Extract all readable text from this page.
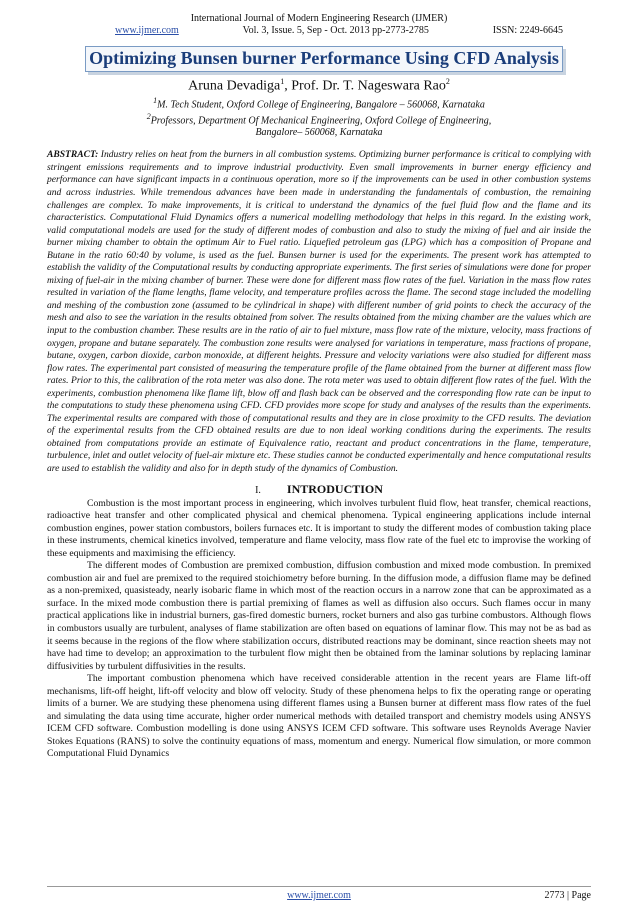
International Journal of Modern Engineering Research (IJMER)
www.ijmer.com	Vol. 3, Issue. 5, Sep - Oct. 2013 pp-2773-2785	ISSN: 2249-6645
Optimizing Bunsen burner Performance Using CFD Analysis
Aruna Devadiga$^1$, Prof. Dr. T. Nageswara Rao$^2$
$^1$M. Tech Student, Oxford College of Engineering, Bangalore – 560068, Karnataka
$^2$Professors, Department Of Mechanical Engineering, Oxford College of Engineering,
Bangalore– 560068, Karnataka
ABSTRACT: Industry relies on heat from the burners in all combustion systems. Optimizing burner performance is critical to complying with stringent emissions requirements and to improve industrial productivity. Even small improvements in burner energy efficiency and performance can have significant impacts in a continuous operation, more so if the improvements can be used in other combustion systems and across industries. While tremendous advances have been made in understanding the fundamentals of combustion, the remaining challenges are complex. To make improvements, it is critical to understand the dynamics of the fuel fluid flow and the flame and its characteristics. Computational Fluid Dynamics offers a numerical modelling methodology that helps in this regard. In the existing work, valid computational models are used for the study of different modes of combustion and also to study the mixing of fuel and air inside the burner mixing chamber to obtain the optimum Air to Fuel ratio. Liquefied petroleum gas (LPG) which has a composition of Propane and Butane in the ratio 60:40 by volume, is used as the fuel. Bunsen burner is used for the experiments. The present work has attempted to establish the validity of the Computational results by conducting appropriate experiments. The first series of simulations were done for proper mixing of fuel-air in the mixing chamber of burner. These were done for different mass flow rates of the fuel. Variation in the mass flow rates resulted in variation of the flame lengths, flame velocity, and temperature profiles across the flame. The second stage included the modelling and meshing of the combustion zone (assumed to be cylindrical in shape) with different number of grid points to check the accuracy of the mesh and also to see the variation in the results obtained from solver. The results obtained from the mixing chamber are the values which are input to the combustion chamber. These results are in the ratio of air to fuel mixture, mass flow rate of the mixture, velocity, mass fractions of oxygen, propane and butane separately. The combustion zone results were analysed for variations in temperature, mass fractions of propane, butane, oxygen, carbon dioxide, carbon monoxide, at different heights. Pressure and velocity variations were also studied for different mass flow rates. The experimental part consisted of measuring the temperature profile of the flame obtained from the burner at different mass flow rates. Prior to this, the calibration of the rota meter was also done. The rota meter was used to obtain different flow rates of the fuel. With the experiments, combustion phenomena like flame lift, blow off and flash back can be observed and the corresponding flow rate can be input to the computations to study these phenomena using CFD. CFD provides more scope for study and analyses of the results than the experiments. The experimental results are compared with those of computational results and they are in close proximity to the CFD results. The deviation of the experimental results from the CFD obtained results are due to non ideal working conditions during the experiments. The results obtained from computations provide an estimate of Equivalence ratio, reactant and product concentrations in the flame, temperature, turbulence, inlet and outlet velocity of fuel-air mixture etc. These studies cannot be conducted experimentally and hence computational results are used to establish the validity and also for in depth study of the dynamics of Combustion.
I. INTRODUCTION

Combustion is the most important process in engineering, which involves turbulent fluid flow, heat transfer, chemical reactions, radioactive heat transfer and other complicated physical and chemical phenomena. Typical engineering applications include internal combustion engines, power station combustors, boilers furnaces etc. It is important to study the different modes of combustion taking place in these instruments, chemical kinetics involved, temperature and flame velocity, mass flow rate of the fuel etc to improvise the working of these equipments and maximising the efficiency.

The different modes of Combustion are premixed combustion, diffusion combustion and mixed mode combustion. In premixed combustion air and fuel are premixed to the required stoichiometry before burning. In the diffusion mode, a diffusion flame may be defined as a non-premixed, quasisteady, nearly isobaric flame in which most of the reaction occurs in a narrow zone that can be approximated as a surface. In the mixed mode combustion there is partial premixing of flames as well as diffusion also occurs. Such flames occur in many practical applications like in industrial burners, gas-fired domestic burners, rocket burners and also gas turbine combustors. Although flows in combustors usually are turbulent, analyses of flame stabilization are often based on equations of laminar flow. This may not be as bad as it seems because in the regions of the flow where stabilization occurs, distributed reactions may be dominant, since reaction sheets may not have had time to develop; an approximation to the turbulent flow might then be obtained from the laminar solutions by replacing laminar diffusivities by turbulent diffusivities in the results.

The important combustion phenomena which have received considerable attention in the recent years are Flame lift-off mechanisms, lift-off height, lift-off velocity and blow off velocity. Study of these phenomena helps to fix the operating range or operating limits of a burner. We are studying these phenomena using different flames using a Bunsen burner at different mass flow rates of the fuel and simulating the data using time accurate, higher order numerical methods with detailed transport and chemistry models using ANSYS ICEM CFD software. Combustion modelling is done using ANSYS ICEM CFD software. This software uses Reynolds Average Navier Stokes Equations (RANS) to solve the continuity equations of mass, momentum and energy. Numerical flow simulation, or more common Computational Fluid Dynamics

www.ijmer.com	2773 | Page
